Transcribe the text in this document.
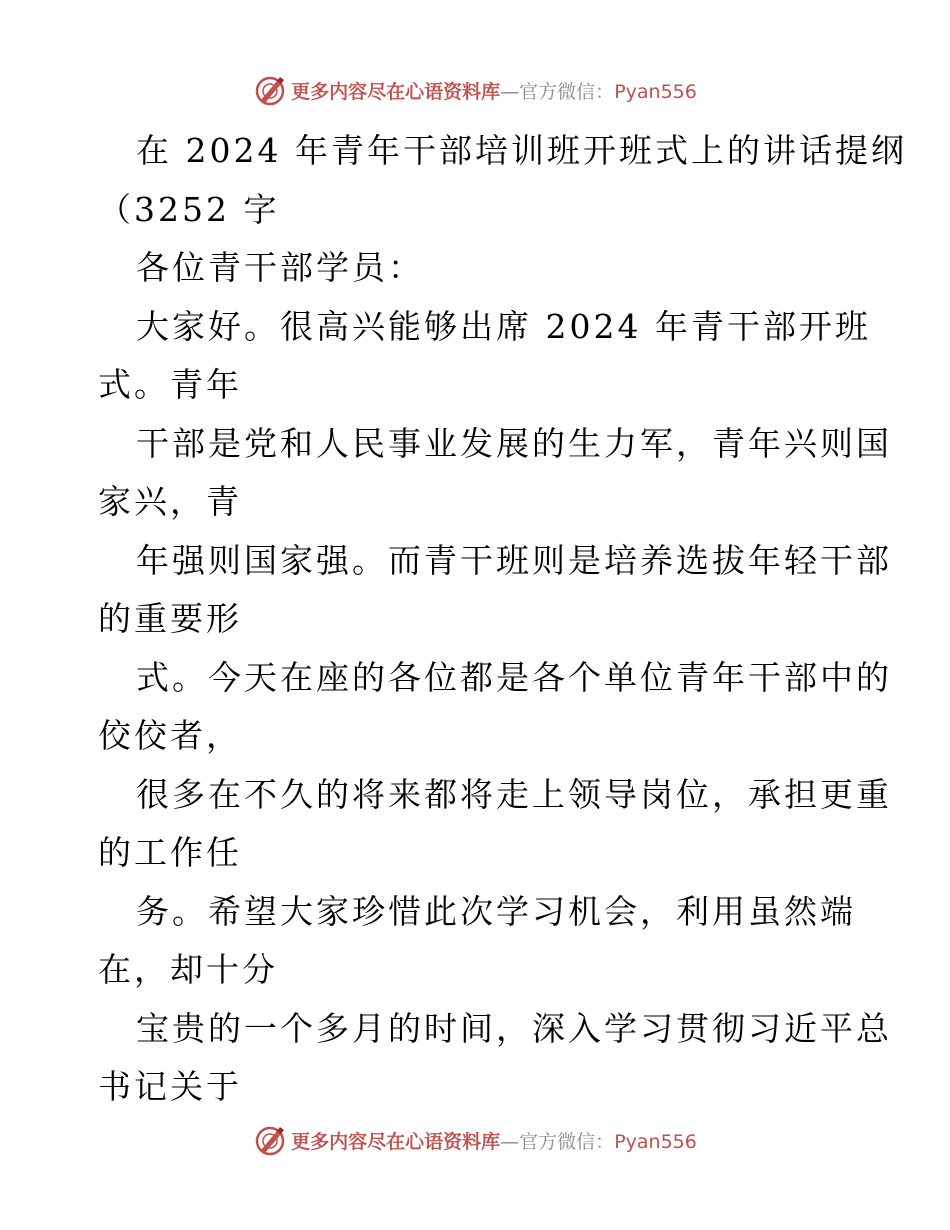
更多内容尽在心语资料库—官方微信：Pyan556
在 2024 年青年干部培训班开班式上的讲话提纲
（3252 字
各位青干部学员：
大家好。很高兴能够出席 2024 年青干部开班
式。青年
干部是党和人民事业发展的生力军，青年兴则国
家兴，青
年强则国家强。而青干班则是培养选拔年轻干部
的重要形
式。今天在座的各位都是各个单位青年干部中的
佼佼者，
很多在不久的将来都将走上领导岗位，承担更重
的工作任
务。希望大家珍惜此次学习机会，利用虽然端
在，却十分
宝贵的一个多月的时间，深入学习贯彻习近平总
书记关于
更多内容尽在心语资料库—官方微信：Pyan556
